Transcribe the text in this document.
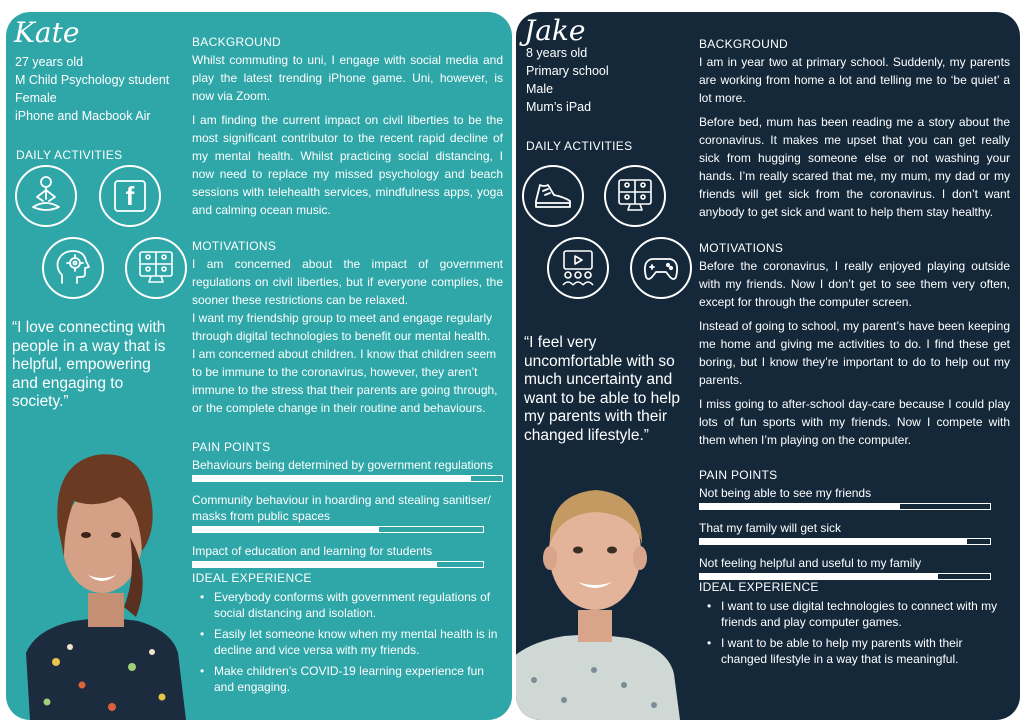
Kate
27 years old
M Child Psychology student
Female
iPhone and Macbook Air
DAILY ACTIVITIES
f
“I love connecting with people in a way that is helpful, empowering and engaging to society.”
BACKGROUND

Whilst commuting to uni, I engage with social media and play the latest trending iPhone game. Uni, however, is now via Zoom.

I am finding the current impact on civil liberties to be the most significant contributor to the recent rapid decline of my mental health. Whilst practicing social distancing, I now need to replace my missed psychology and beach sessions with telehealth services, mindfulness apps, yoga and calming ocean music.

MOTIVATIONS

I am concerned about the impact of government regulations on civil liberties, but if everyone complies, the sooner these restrictions can be relaxed.

I want my friendship group to meet and engage regularly through digital technologies to benefit our mental health.

I am concerned about children. I know that children seem to be immune to the coronavirus, however, they aren’t immune to the stress that their parents are going through, or the complete change in their routine and behaviours.

PAIN POINTS
Behaviours being determined by government regulations
Community behaviour in hoarding and stealing sanitiser/ masks from public spaces
Impact of education and learning for students
IDEAL EXPERIENCE
• Everybody conforms with government regulations of social distancing and isolation.
• Easily let someone know when my mental health is in decline and vice versa with my friends.
• Make children’s COVID-19 learning experience fun and engaging.
Jake
8 years old
Primary school
Male
Mum’s iPad
DAILY ACTIVITIES
“I feel very uncomfortable with so much uncertainty and want to be able to help my parents with their changed lifestyle.”
BACKGROUND

I am in year two at primary school. Suddenly, my parents are working from home a lot and telling me to ‘be quiet’ a lot more.

Before bed, mum has been reading me a story about the coronavirus. It makes me upset that you can get really sick from hugging someone else or not washing your hands. I’m really scared that me, my mum, my dad or my friends will get sick from the coronavirus. I don’t want anybody to get sick and want to help them stay healthy.

MOTIVATIONS

Before the coronavirus, I really enjoyed playing outside with my friends. Now I don’t get to see them very often, except for through the computer screen.

Instead of going to school, my parent’s have been keeping me home and giving me activities to do. I find these get boring, but I know they’re important to do to help out my parents.

I miss going to after-school day-care because I could play lots of fun sports with my friends. Now I compete with them when I’m playing on the computer.

PAIN POINTS
Not being able to see my friends
That my family will get sick
Not feeling helpful and useful to my family
IDEAL EXPERIENCE
• I want to use digital technologies to connect with my friends and play computer games.
• I want to be able to help my parents with their changed lifestyle in a way that is meaningful.
